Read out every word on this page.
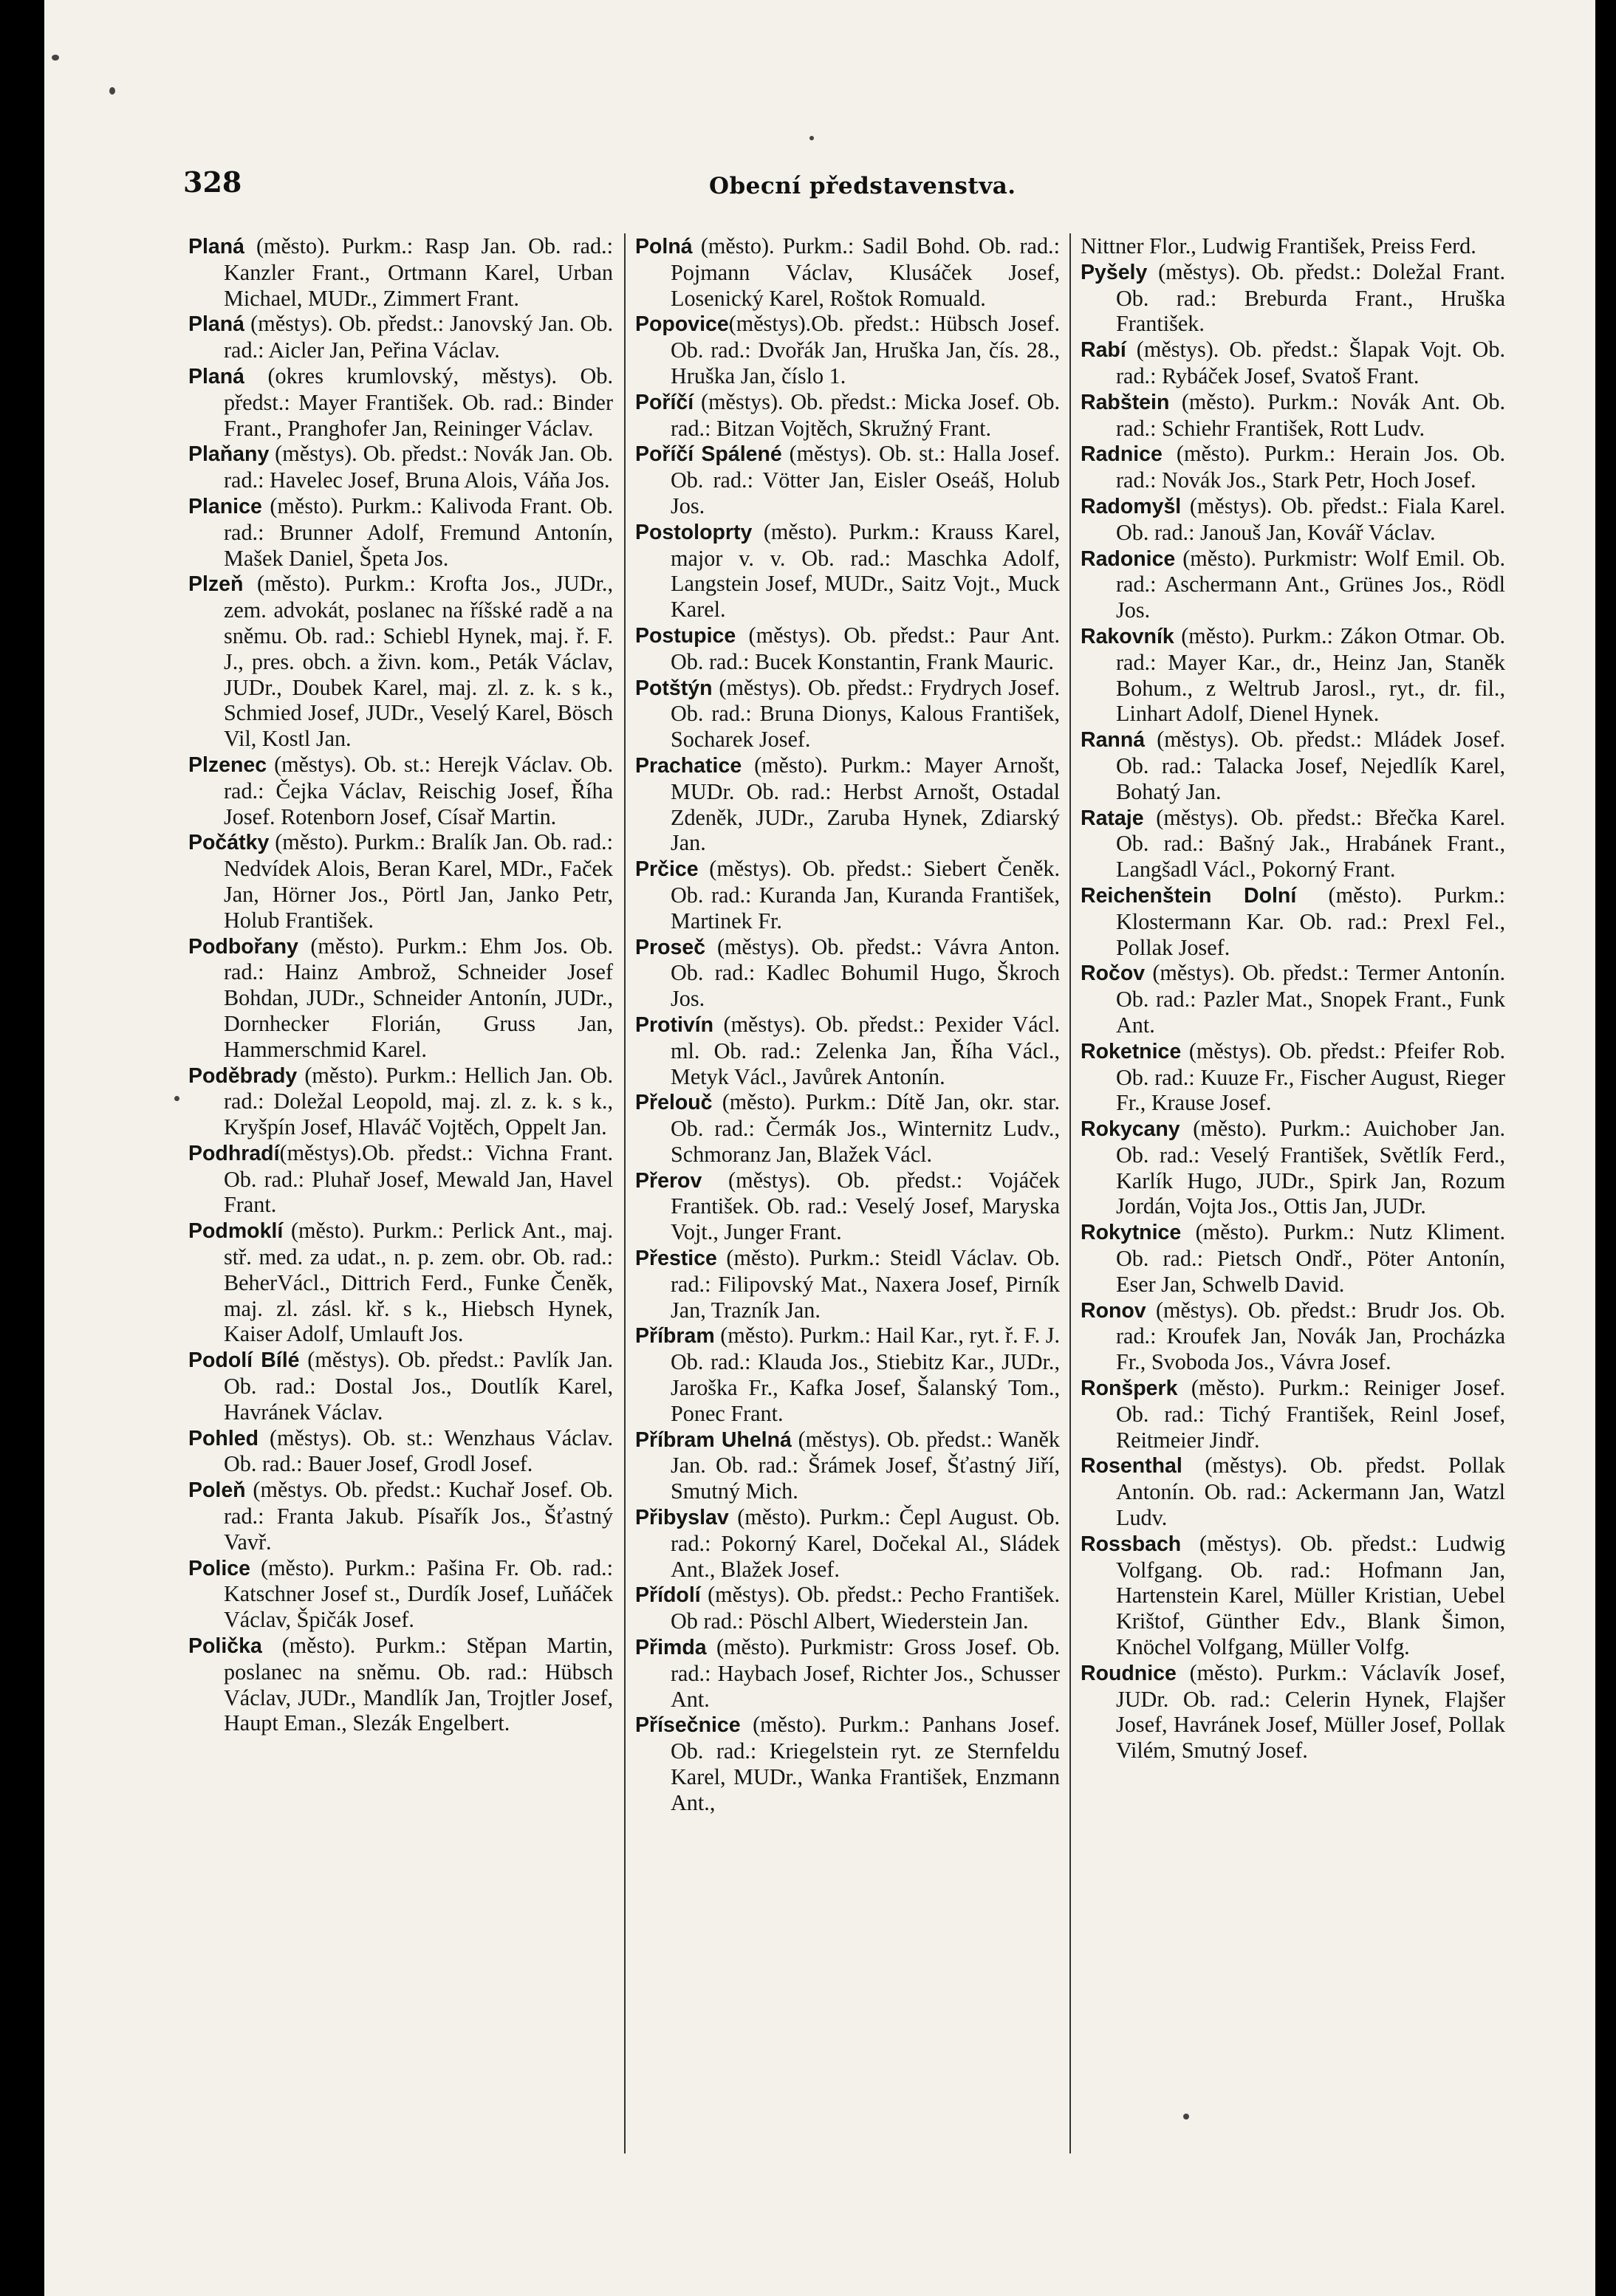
328	Obecní představenstva.

Planá (město). Purkm.: Rasp Jan. Ob. rad.: Kanzler Frant., Ortmann Karel, Urban Michael, MUDr., Zimmert Frant.

Planá (městys). Ob. předst.: Janovský Jan. Ob. rad.: Aicler Jan, Peřina Václav.

Planá (okres krumlovský, městys). Ob. předst.: Mayer František. Ob. rad.: Binder Frant., Pranghofer Jan, Reininger Václav.

Plaňany (městys). Ob. předst.: Novák Jan. Ob. rad.: Havelec Josef, Bruna Alois, Váňa Jos.

Planice (město). Purkm.: Kalivoda Frant. Ob. rad.: Brunner Adolf, Fremund Antonín, Mašek Daniel, Špeta Jos.

Plzeň (město). Purkm.: Krofta Jos., JUDr., zem. advokát, poslanec na říšské radě a na sněmu. Ob. rad.: Schiebl Hynek, maj. ř. F. J., pres. obch. a živn. kom., Peták Václav, JUDr., Doubek Karel, maj. zl. z. k. s k., Schmied Josef, JUDr., Veselý Karel, Bösch Vil, Kostl Jan.

Plzenec (městys). Ob. st.: Herejk Václav. Ob. rad.: Čejka Václav, Reischig Josef, Říha Josef. Rotenborn Josef, Císař Martin.

Počátky (město). Purkm.: Bralík Jan. Ob. rad.: Nedvídek Alois, Beran Karel, MDr., Faček Jan, Hörner Jos., Pörtl Jan, Janko Petr, Holub František.

Podbořany (město). Purkm.: Ehm Jos. Ob. rad.: Hainz Ambrož, Schneider Josef Bohdan, JUDr., Schneider Antonín, JUDr., Dornhecker Florián, Gruss Jan, Hammerschmid Karel.

Poděbrady (město). Purkm.: Hellich Jan. Ob. rad.: Doležal Leopold, maj. zl. z. k. s k., Kryšpín Josef, Hlaváč Vojtěch, Oppelt Jan.

Podhradí(městys).Ob. předst.: Vichna Frant. Ob. rad.: Pluhař Josef, Mewald Jan, Havel Frant.

Podmoklí (město). Purkm.: Perlick Ant., maj. stř. med. za udat., n. p. zem. obr. Ob. rad.: BeherVácl., Dittrich Ferd., Funke Čeněk, maj. zl. zásl. kř. s k., Hiebsch Hynek, Kaiser Adolf, Umlauft Jos.

Podolí Bílé (městys). Ob. předst.: Pavlík Jan. Ob. rad.: Dostal Jos., Doutlík Karel, Havránek Václav.

Pohled (městys). Ob. st.: Wenzhaus Václav. Ob. rad.: Bauer Josef, Grodl Josef.

Poleň (městys. Ob. předst.: Kuchař Josef. Ob. rad.: Franta Jakub. Písařík Jos., Šťastný Vavř.

Police (město). Purkm.: Pašina Fr. Ob. rad.: Katschner Josef st., Durdík Josef, Luňáček Václav, Špičák Josef.

Polička (město). Purkm.: Stěpan Martin, poslanec na sněmu. Ob. rad.: Hübsch Václav, JUDr., Mandlík Jan, Trojtler Josef, Haupt Eman., Slezák Engelbert.

Polná (město). Purkm.: Sadil Bohd. Ob. rad.: Pojmann Václav, Klusáček Josef, Losenický Karel, Roštok Romuald.

Popovice(městys).Ob. předst.: Hübsch Josef. Ob. rad.: Dvořák Jan, Hruška Jan, čís. 28., Hruška Jan, číslo 1.

Poříčí (městys). Ob. předst.: Micka Josef. Ob. rad.: Bitzan Vojtěch, Skružný Frant.

Poříčí Spálené (městys). Ob. st.: Halla Josef. Ob. rad.: Vötter Jan, Eisler Oseáš, Holub Jos.

Postoloprty (město). Purkm.: Krauss Karel, major v. v. Ob. rad.: Maschka Adolf, Langstein Josef, MUDr., Saitz Vojt., Muck Karel.

Postupice (městys). Ob. předst.: Paur Ant. Ob. rad.: Bucek Konstantin, Frank Mauric.

Potštýn (městys). Ob. předst.: Frydrych Josef. Ob. rad.: Bruna Dionys, Kalous František, Socharek Josef.

Prachatice (město). Purkm.: Mayer Arnošt, MUDr. Ob. rad.: Herbst Arnošt, Ostadal Zdeněk, JUDr., Zaruba Hynek, Zdiarský Jan.

Prčice (městys). Ob. předst.: Siebert Čeněk. Ob. rad.: Kuranda Jan, Kuranda František, Martinek Fr.

Proseč (městys). Ob. předst.: Vávra Anton. Ob. rad.: Kadlec Bohumil Hugo, Škroch Jos.

Protivín (městys). Ob. předst.: Pexider Václ. ml. Ob. rad.: Zelenka Jan, Říha Václ., Metyk Václ., Javůrek Antonín.

Přelouč (město). Purkm.: Dítě Jan, okr. star. Ob. rad.: Čermák Jos., Winternitz Ludv., Schmoranz Jan, Blažek Václ.

Přerov (městys). Ob. předst.: Vojáček František. Ob. rad.: Veselý Josef, Maryska Vojt., Junger Frant.

Přestice (město). Purkm.: Steidl Václav. Ob. rad.: Filipovský Mat., Naxera Josef, Pirník Jan, Trazník Jan.

Příbram (město). Purkm.: Hail Kar., ryt. ř. F. J. Ob. rad.: Klauda Jos., Stiebitz Kar., JUDr., Jaroška Fr., Kafka Josef, Šalanský Tom., Ponec Frant.

Příbram Uhelná (městys). Ob. předst.: Waněk Jan. Ob. rad.: Šrámek Josef, Šťastný Jiří, Smutný Mich.

Přibyslav (město). Purkm.: Čepl August. Ob. rad.: Pokorný Karel, Dočekal Al., Sládek Ant., Blažek Josef.

Přídolí (městys). Ob. předst.: Pecho František. Ob rad.: Pöschl Albert, Wiederstein Jan.

Přimda (město). Purkmistr: Gross Josef. Ob. rad.: Haybach Josef, Richter Jos., Schusser Ant.

Přísečnice (město). Purkm.: Panhans Josef. Ob. rad.: Kriegelstein ryt. ze Sternfeldu Karel, MUDr., Wanka František, Enzmann Ant.,

Nittner Flor., Ludwig František, Preiss Ferd.

Pyšely (městys). Ob. předst.: Doležal Frant. Ob. rad.: Breburda Frant., Hruška František.

Rabí (městys). Ob. předst.: Šlapak Vojt. Ob. rad.: Rybáček Josef, Svatoš Frant.

Rabštein (město). Purkm.: Novák Ant. Ob. rad.: Schiehr František, Rott Ludv.

Radnice (město). Purkm.: Herain Jos. Ob. rad.: Novák Jos., Stark Petr, Hoch Josef.

Radomyšl (městys). Ob. předst.: Fiala Karel. Ob. rad.: Janouš Jan, Kovář Václav.

Radonice (město). Purkmistr: Wolf Emil. Ob. rad.: Aschermann Ant., Grünes Jos., Rödl Jos.

Rakovník (město). Purkm.: Zákon Otmar. Ob. rad.: Mayer Kar., dr., Heinz Jan, Staněk Bohum., z Weltrub Jarosl., ryt., dr. fil., Linhart Adolf, Dienel Hynek.

Ranná (městys). Ob. předst.: Mládek Josef. Ob. rad.: Talacka Josef, Nejedlík Karel, Bohatý Jan.

Rataje (městys). Ob. předst.: Břečka Karel. Ob. rad.: Bašný Jak., Hrabánek Frant., Langšadl Václ., Pokorný Frant.

Reichenštein Dolní (město). Purkm.: Klostermann Kar. Ob. rad.: Prexl Fel., Pollak Josef.

Ročov (městys). Ob. předst.: Termer Antonín. Ob. rad.: Pazler Mat., Snopek Frant., Funk Ant.

Roketnice (městys). Ob. předst.: Pfeifer Rob. Ob. rad.: Kuuze Fr., Fischer August, Rieger Fr., Krause Josef.

Rokycany (město). Purkm.: Auichober Jan. Ob. rad.: Veselý František, Světlík Ferd., Karlík Hugo, JUDr., Spirk Jan, Rozum Jordán, Vojta Jos., Ottis Jan, JUDr.

Rokytnice (město). Purkm.: Nutz Kliment. Ob. rad.: Pietsch Ondř., Pöter Antonín, Eser Jan, Schwelb David.

Ronov (městys). Ob. předst.: Brudr Jos. Ob. rad.: Kroufek Jan, Novák Jan, Procházka Fr., Svoboda Jos., Vávra Josef.

Ronšperk (město). Purkm.: Reiniger Josef. Ob. rad.: Tichý František, Reinl Josef, Reitmeier Jindř.

Rosenthal (městys). Ob. předst. Pollak Antonín. Ob. rad.: Ackermann Jan, Watzl Ludv.

Rossbach (městys). Ob. předst.: Ludwig Volfgang. Ob. rad.: Hofmann Jan, Hartenstein Karel, Müller Kristian, Uebel Krištof, Günther Edv., Blank Šimon, Knöchel Volfgang, Müller Volfg.

Roudnice (město). Purkm.: Václavík Josef, JUDr. Ob. rad.: Celerin Hynek, Flajšer Josef, Havránek Josef, Müller Josef, Pollak Vilém, Smutný Josef.
